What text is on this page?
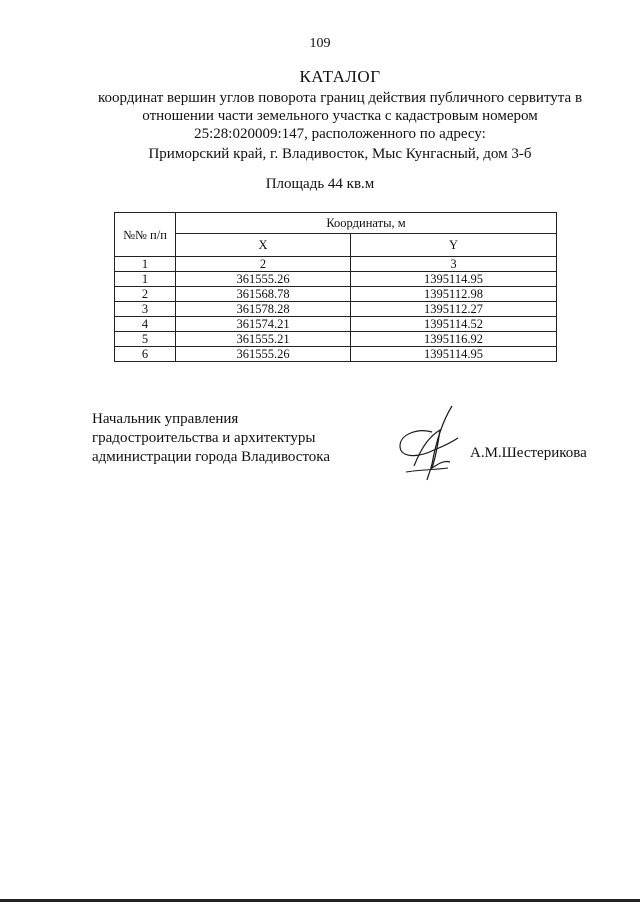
109
КАТАЛОГ
координат вершин углов поворота границ действия публичного сервитута в
отношении части земельного участка с кадастровым номером
25:28:020009:147, расположенного по адресу:
Приморский край, г. Владивосток, Мыс Кунгасный, дом 3-б
Площадь 44 кв.м
№№ п/п	Координаты, м	
	X	Y
1	2	3
1	361555.26	1395114.95
2	361568.78	1395112.98
3	361578.28	1395112.27
4	361574.21	1395114.52
5	361555.21	1395116.92
6	361555.26	1395114.95
Начальник управления
градостроительства и архитектуры
администрации города Владивостока	А.М.Шестерикова
